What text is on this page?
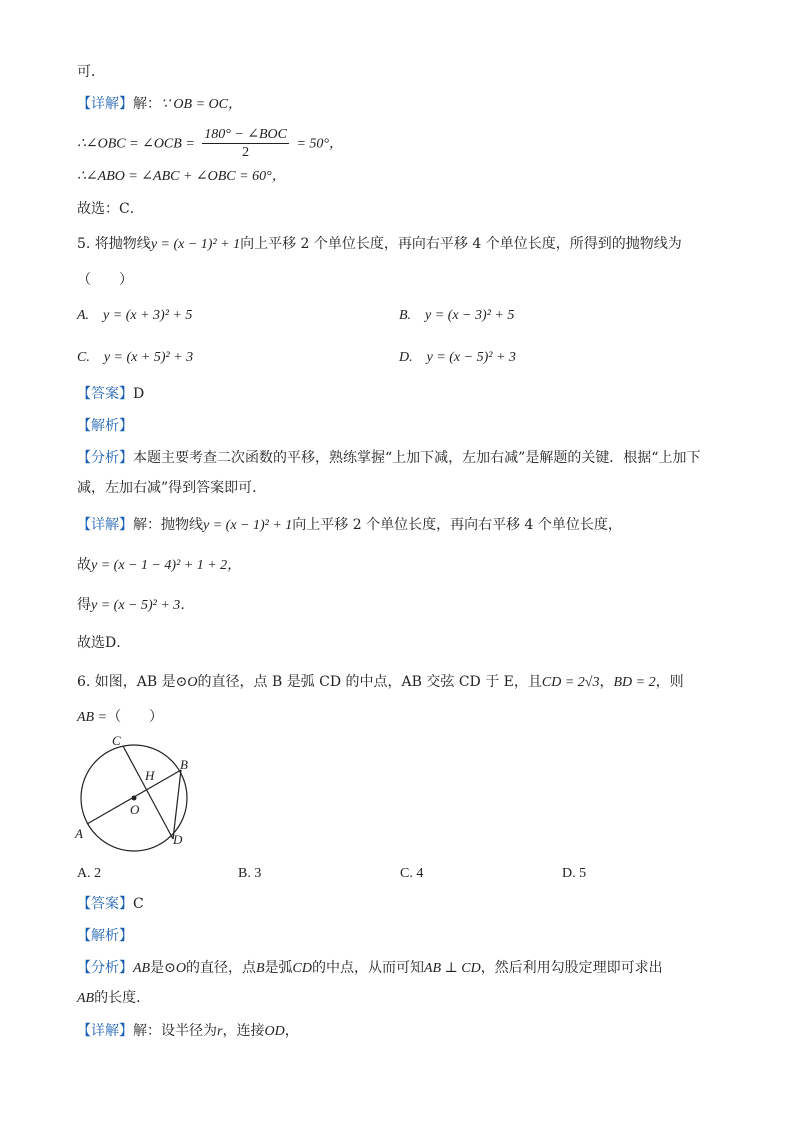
可．
【详解】解：∵ OB = OC，
∴∠OBC = ∠OCB = $\frac{\text{180° − ∠BOC}}{2} = 50^\circ$，
∴∠ABO = ∠ABC + ∠OBC = 60°，
故选：C．
5. 将抛物线y = (x − 1)² + 1向上平移 2 个单位长度，再向右平移 4 个单位长度，所得到的抛物线为
（　　）
A.　y = (x + 3)² + 5	B.　y = (x − 3)² + 5
C.　y = (x + 5)² + 3	D.　y = (x − 5)² + 3
【答案】D
【解析】
【分析】本题主要考查二次函数的平移，熟练掌握“上加下减，左加右减”是解题的关键．根据“上加下
减，左加右减”得到答案即可．
【详解】解：抛物线y = (x − 1)² + 1向上平移 2 个单位长度，再向右平移 4 个单位长度，
故y = (x − 1 − 4)² + 1 + 2，
得y = (x − 5)² + 3．
故选D．
6. 如图，AB 是⊙O的直径，点 B 是弧 CD 的中点，AB 交弦 CD 于 E，且CD = 2√3，BD = 2，则
AB =（　　）
C
B
H
O
A	D
A. 2	B. 3	C. 4	D. 5
【答案】C
【解析】
【分析】AB是⊙O的直径，点B是弧CD的中点，从而可知AB ⊥ CD，然后利用勾股定理即可求出
AB的长度．
【详解】解：设半径为r，连接OD，
